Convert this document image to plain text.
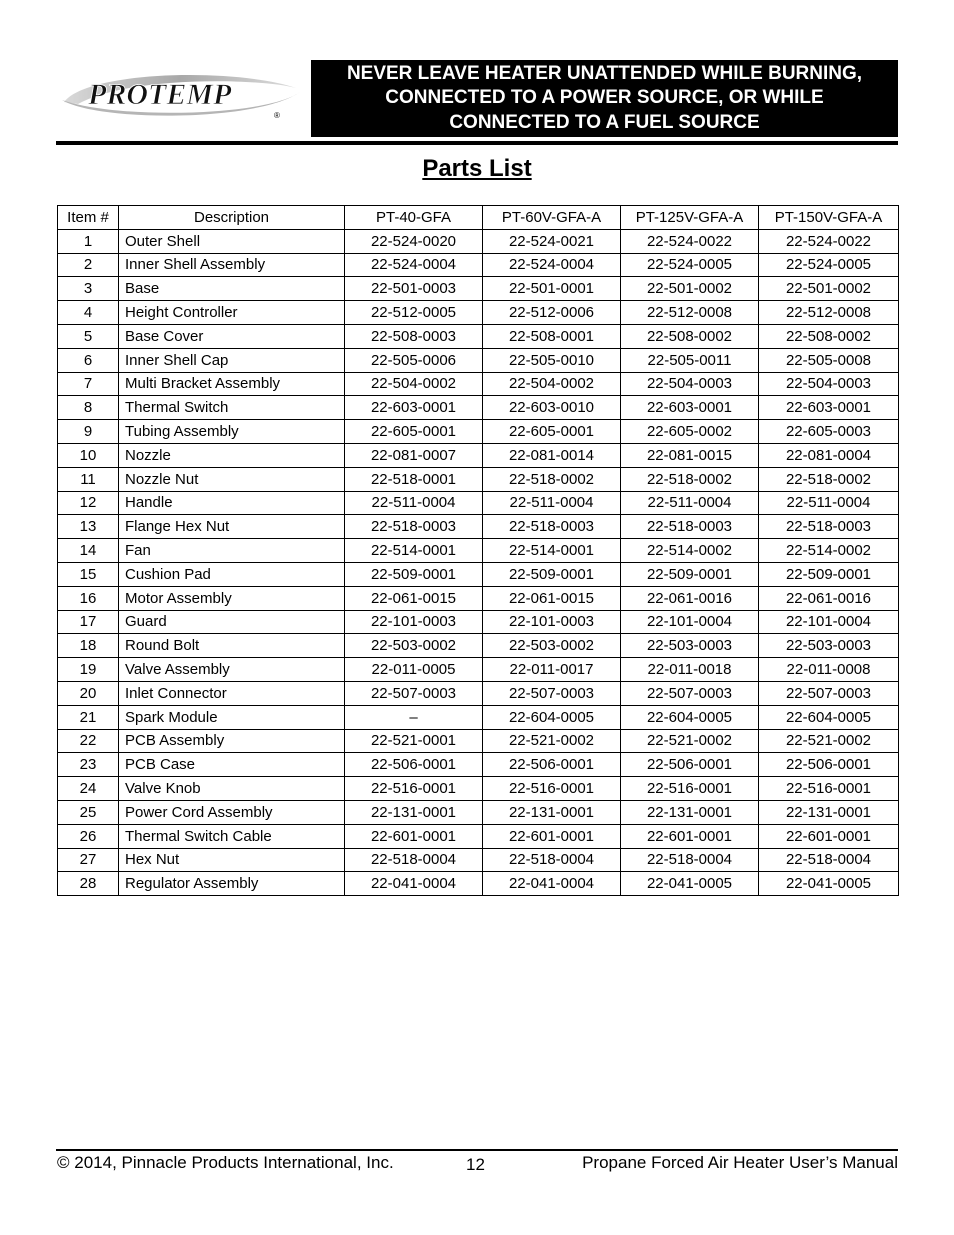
PROTEMP
®
NEVER LEAVE HEATER UNATTENDED WHILE BURNING,
CONNECTED TO A POWER SOURCE, OR WHILE
CONNECTED TO A FUEL SOURCE
Parts List
Item #	Description	PT-40-GFA	PT-60V-GFA-A	PT-125V-GFA-A	PT-150V-GFA-A
1	Outer Shell	22-524-0020	22-524-0021	22-524-0022	22-524-0022
2	Inner Shell Assembly	22-524-0004	22-524-0004	22-524-0005	22-524-0005
3	Base	22-501-0003	22-501-0001	22-501-0002	22-501-0002
4	Height Controller	22-512-0005	22-512-0006	22-512-0008	22-512-0008
5	Base Cover	22-508-0003	22-508-0001	22-508-0002	22-508-0002
6	Inner Shell Cap	22-505-0006	22-505-0010	22-505-0011	22-505-0008
7	Multi Bracket Assembly	22-504-0002	22-504-0002	22-504-0003	22-504-0003
8	Thermal Switch	22-603-0001	22-603-0010	22-603-0001	22-603-0001
9	Tubing Assembly	22-605-0001	22-605-0001	22-605-0002	22-605-0003
10	Nozzle	22-081-0007	22-081-0014	22-081-0015	22-081-0004
11	Nozzle Nut	22-518-0001	22-518-0002	22-518-0002	22-518-0002
12	Handle	22-511-0004	22-511-0004	22-511-0004	22-511-0004
13	Flange Hex Nut	22-518-0003	22-518-0003	22-518-0003	22-518-0003
14	Fan	22-514-0001	22-514-0001	22-514-0002	22-514-0002
15	Cushion Pad	22-509-0001	22-509-0001	22-509-0001	22-509-0001
16	Motor Assembly	22-061-0015	22-061-0015	22-061-0016	22-061-0016
17	Guard	22-101-0003	22-101-0003	22-101-0004	22-101-0004
18	Round Bolt	22-503-0002	22-503-0002	22-503-0003	22-503-0003
19	Valve Assembly	22-011-0005	22-011-0017	22-011-0018	22-011-0008
20	Inlet Connector	22-507-0003	22-507-0003	22-507-0003	22-507-0003
21	Spark Module	–	22-604-0005	22-604-0005	22-604-0005
22	PCB Assembly	22-521-0001	22-521-0002	22-521-0002	22-521-0002
23	PCB Case	22-506-0001	22-506-0001	22-506-0001	22-506-0001
24	Valve Knob	22-516-0001	22-516-0001	22-516-0001	22-516-0001
25	Power Cord Assembly	22-131-0001	22-131-0001	22-131-0001	22-131-0001
26	Thermal Switch Cable	22-601-0001	22-601-0001	22-601-0001	22-601-0001
27	Hex Nut	22-518-0004	22-518-0004	22-518-0004	22-518-0004
28	Regulator Assembly	22-041-0004	22-041-0004	22-041-0005	22-041-0005
© 2014, Pinnacle Products International, Inc.	12	Propane Forced Air Heater User’s Manual
